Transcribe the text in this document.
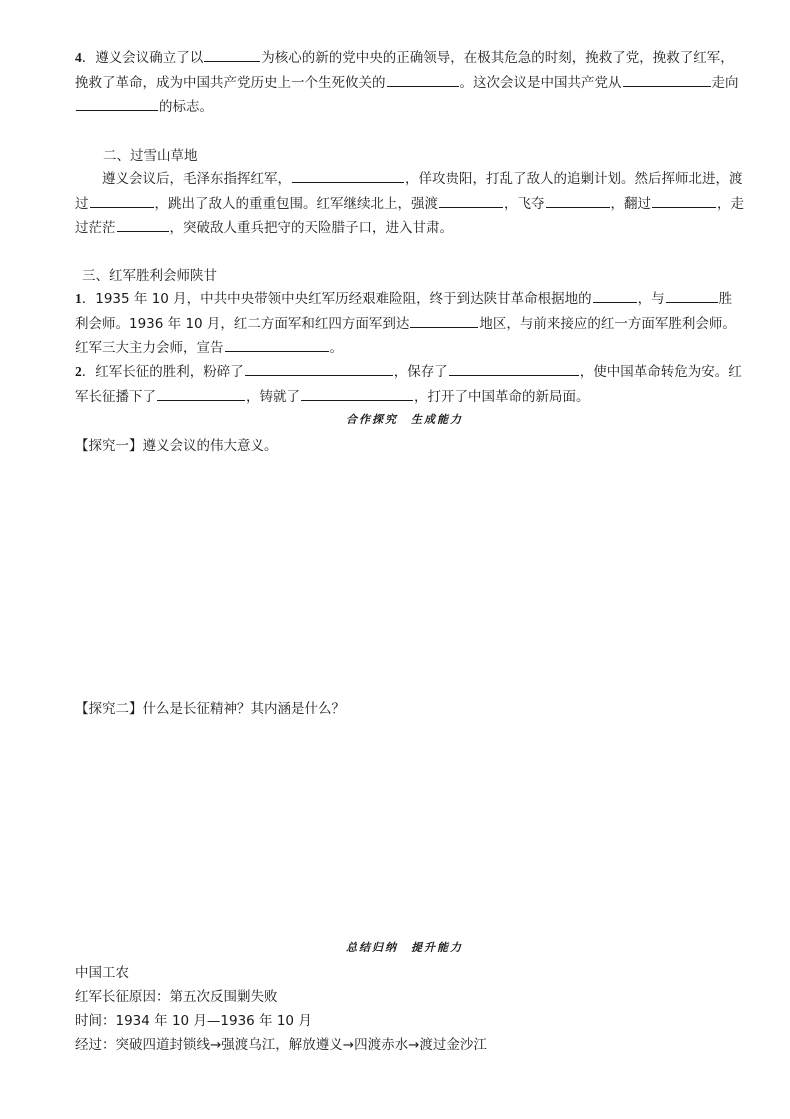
4．遵义会议确立了以	为核心的新的党中央的正确领导，在极其危急的时刻，挽救了党，挽救了红军，挽救了革命，成为中国共产党历史上一个生死攸关的	。这次会议是中国共产党从	走向的标志。

二、过雪山草地

遵义会议后，毛泽东指挥红军，	，佯攻贵阳，打乱了敌人的追剿计划。然后挥师北进，渡过	，跳出了敌人的重重包围。红军继续北上，强渡	，飞夺	，翻过	，走过茫茫	，突破敌人重兵把守的天险腊子口，进入甘肃。

三、红军胜利会师陕甘

1．1935 年 10 月，中共中央带领中央红军历经艰难险阻，终于到达陕甘革命根据地的	，与	胜利会师。1936 年 10 月，红二方面军和红四方面军到达	地区，与前来接应的红一方面军胜利会师。红军三大主力会师，宣告	。

2．红军长征的胜利，粉碎了	，保存了	，使中国革命转危为安。红军长征播下了	，铸就了	，打开了中国革命的新局面。

合作探究　生成能力

【探究一】遵义会议的伟大意义。

【探究二】什么是长征精神？其内涵是什么？

总结归纳　提升能力

中国工农

红军长征原因：第五次反围剿失败

时间：1934 年 10 月—1936 年 10 月

经过：突破四道封锁线→强渡乌江，解放遵义→四渡赤水→渡过金沙江
